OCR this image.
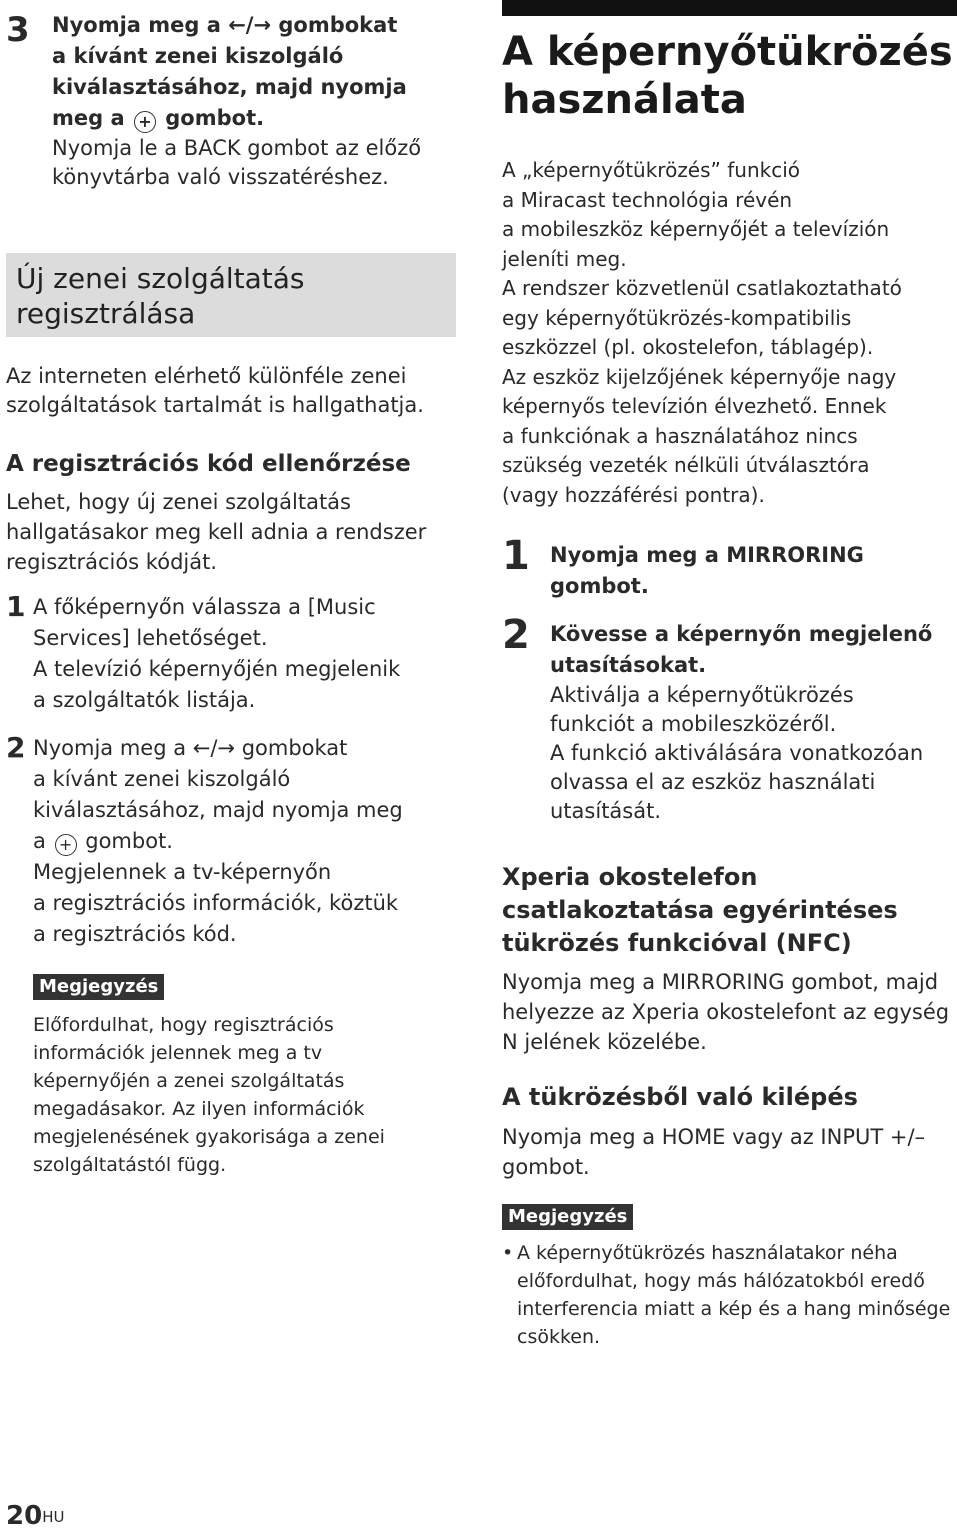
3 Nyomja meg a ←/→ gombokat
a kívánt zenei kiszolgáló
kiválasztásához, majd nyomja
meg a + gombot.
Nyomja le a BACK gombot az előző
könyvtárba való visszatéréshez.
Új zenei szolgáltatás regisztrálása
Az interneten elérhető különféle zenei szolgáltatások tartalmát is hallgathatja.
A regisztrációs kód ellenőrzése
Lehet, hogy új zenei szolgáltatás hallgatásakor meg kell adnia a rendszer regisztrációs kódját.
1 A főképernyőn válassza a [Music
Services] lehetőséget.
A televízió képernyőjén megjelenik
a szolgáltatók listája.
2 Nyomja meg a ←/→ gombokat
a kívánt zenei kiszolgáló
kiválasztásához, majd nyomja meg
a + gombot.
Megjelennek a tv-képernyőn
a regisztrációs információk, köztük
a regisztrációs kód.
Megjegyzés
Előfordulhat, hogy regisztrációs információk jelennek meg a tv képernyőjén a zenei szolgáltatás megadásakor. Az ilyen információk megjelenésének gyakorisága a zenei szolgáltatástól függ.
A képernyőtükrözés használata
A „képernyőtükrözés” funkció
a Miracast technológia révén
a mobileszköz képernyőjét a televízión
jeleníti meg.
A rendszer közvetlenül csatlakoztatható
egy képernyőtükrözés-kompatibilis
eszközzel (pl. okostelefon, táblagép).
Az eszköz kijelzőjének képernyője nagy
képernyős televízión élvezhető. Ennek
a funkciónak a használatához nincs
szükség vezeték nélküli útválasztóra
(vagy hozzáférési pontra).
1 Nyomja meg a MIRRORING
gombot.
2 Kövesse a képernyőn megjelenő
utasításokat.
Aktiválja a képernyőtükrözés
funkciót a mobileszközéről.
A funkció aktiválására vonatkozóan
olvassa el az eszköz használati
utasítását.
Xperia okostelefon csatlakoztatása egyérintéses tükrözés funkcióval (NFC)
Nyomja meg a MIRRORING gombot, majd helyezze az Xperia okostelefont az egység N jelének közelébe.
A tükrözésből való kilépés
Nyomja meg a HOME vagy az INPUT +/– gombot.
Megjegyzés
• A képernyőtükrözés használatakor néha előfordulhat, hogy más hálózatokból eredő interferencia miatt a kép és a hang minősége csökken.
20HU
